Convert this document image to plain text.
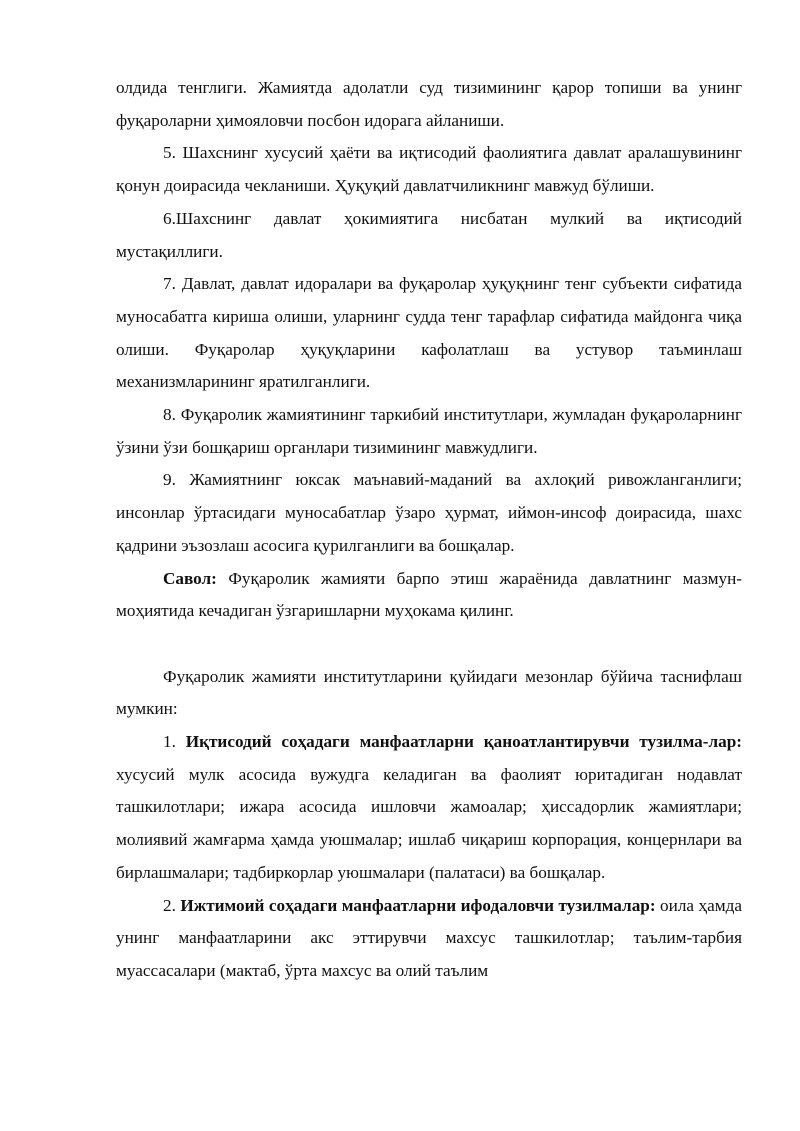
олдида тенглиги. Жамиятда адолатли суд тизимининг қарор топиши ва унинг фуқароларни ҳимояловчи посбон идорага айланиши.

5. Шахснинг хусусий ҳаёти ва иқтисодий фаолиятига давлат аралашувининг қонун доирасида чекланиши. Ҳуқуқий давлатчиликнинг мавжуд бўлиши.

6.Шахснинг давлат ҳокимиятига нисбатан мулкий ва иқтисодий мустақиллиги.

7. Давлат, давлат идоралари ва фуқаролар ҳуқуқнинг тенг субъекти сифатида муносабатга кириша олиши, уларнинг судда тенг тарафлар сифатида майдонга чиқа олиши. Фуқаролар ҳуқуқларини кафолатлаш ва устувор таъминлаш механизмларининг яратилганлиги.

8. Фуқаролик жамиятининг таркибий институтлари, жумладан фуқароларнинг ўзини ўзи бошқариш органлари тизимининг мавжудлиги.

9. Жамиятнинг юксак маънавий-маданий ва ахлоқий ривожланганлиги; инсонлар ўртасидаги муносабатлар ўзаро ҳурмат, иймон-инсоф доирасида, шахс қадрини эъзозлаш асосига қурилганлиги ва бошқалар.

Савол: Фуқаролик жамияти барпо этиш жараёнида давлатнинг мазмун-моҳиятида кечадиган ўзгаришларни муҳокама қилинг.

Фуқаролик жамияти институтларини қуйидаги мезонлар бўйича таснифлаш мумкин:

1. Иқтисодий соҳадаги манфаатларни қаноатлантирувчи тузилма-лар: хусусий мулк асосида вужудга келадиган ва фаолият юритадиган нодавлат ташкилотлари; ижара асосида ишловчи жамоалар; ҳиссадорлик жамиятлари; молиявий жамғарма ҳамда уюшмалар; ишлаб чиқариш корпорация, концернлари ва бирлашмалари; тадбиркорлар уюшмалари (палатаси) ва бошқалар.

2. Ижтимоий соҳадаги манфаатларни ифодаловчи тузилмалар: оила ҳамда унинг манфаатларини акс эттирувчи махсус ташкилотлар; таълим-тарбия муассасалари (мактаб, ўрта махсус ва олий таълим
